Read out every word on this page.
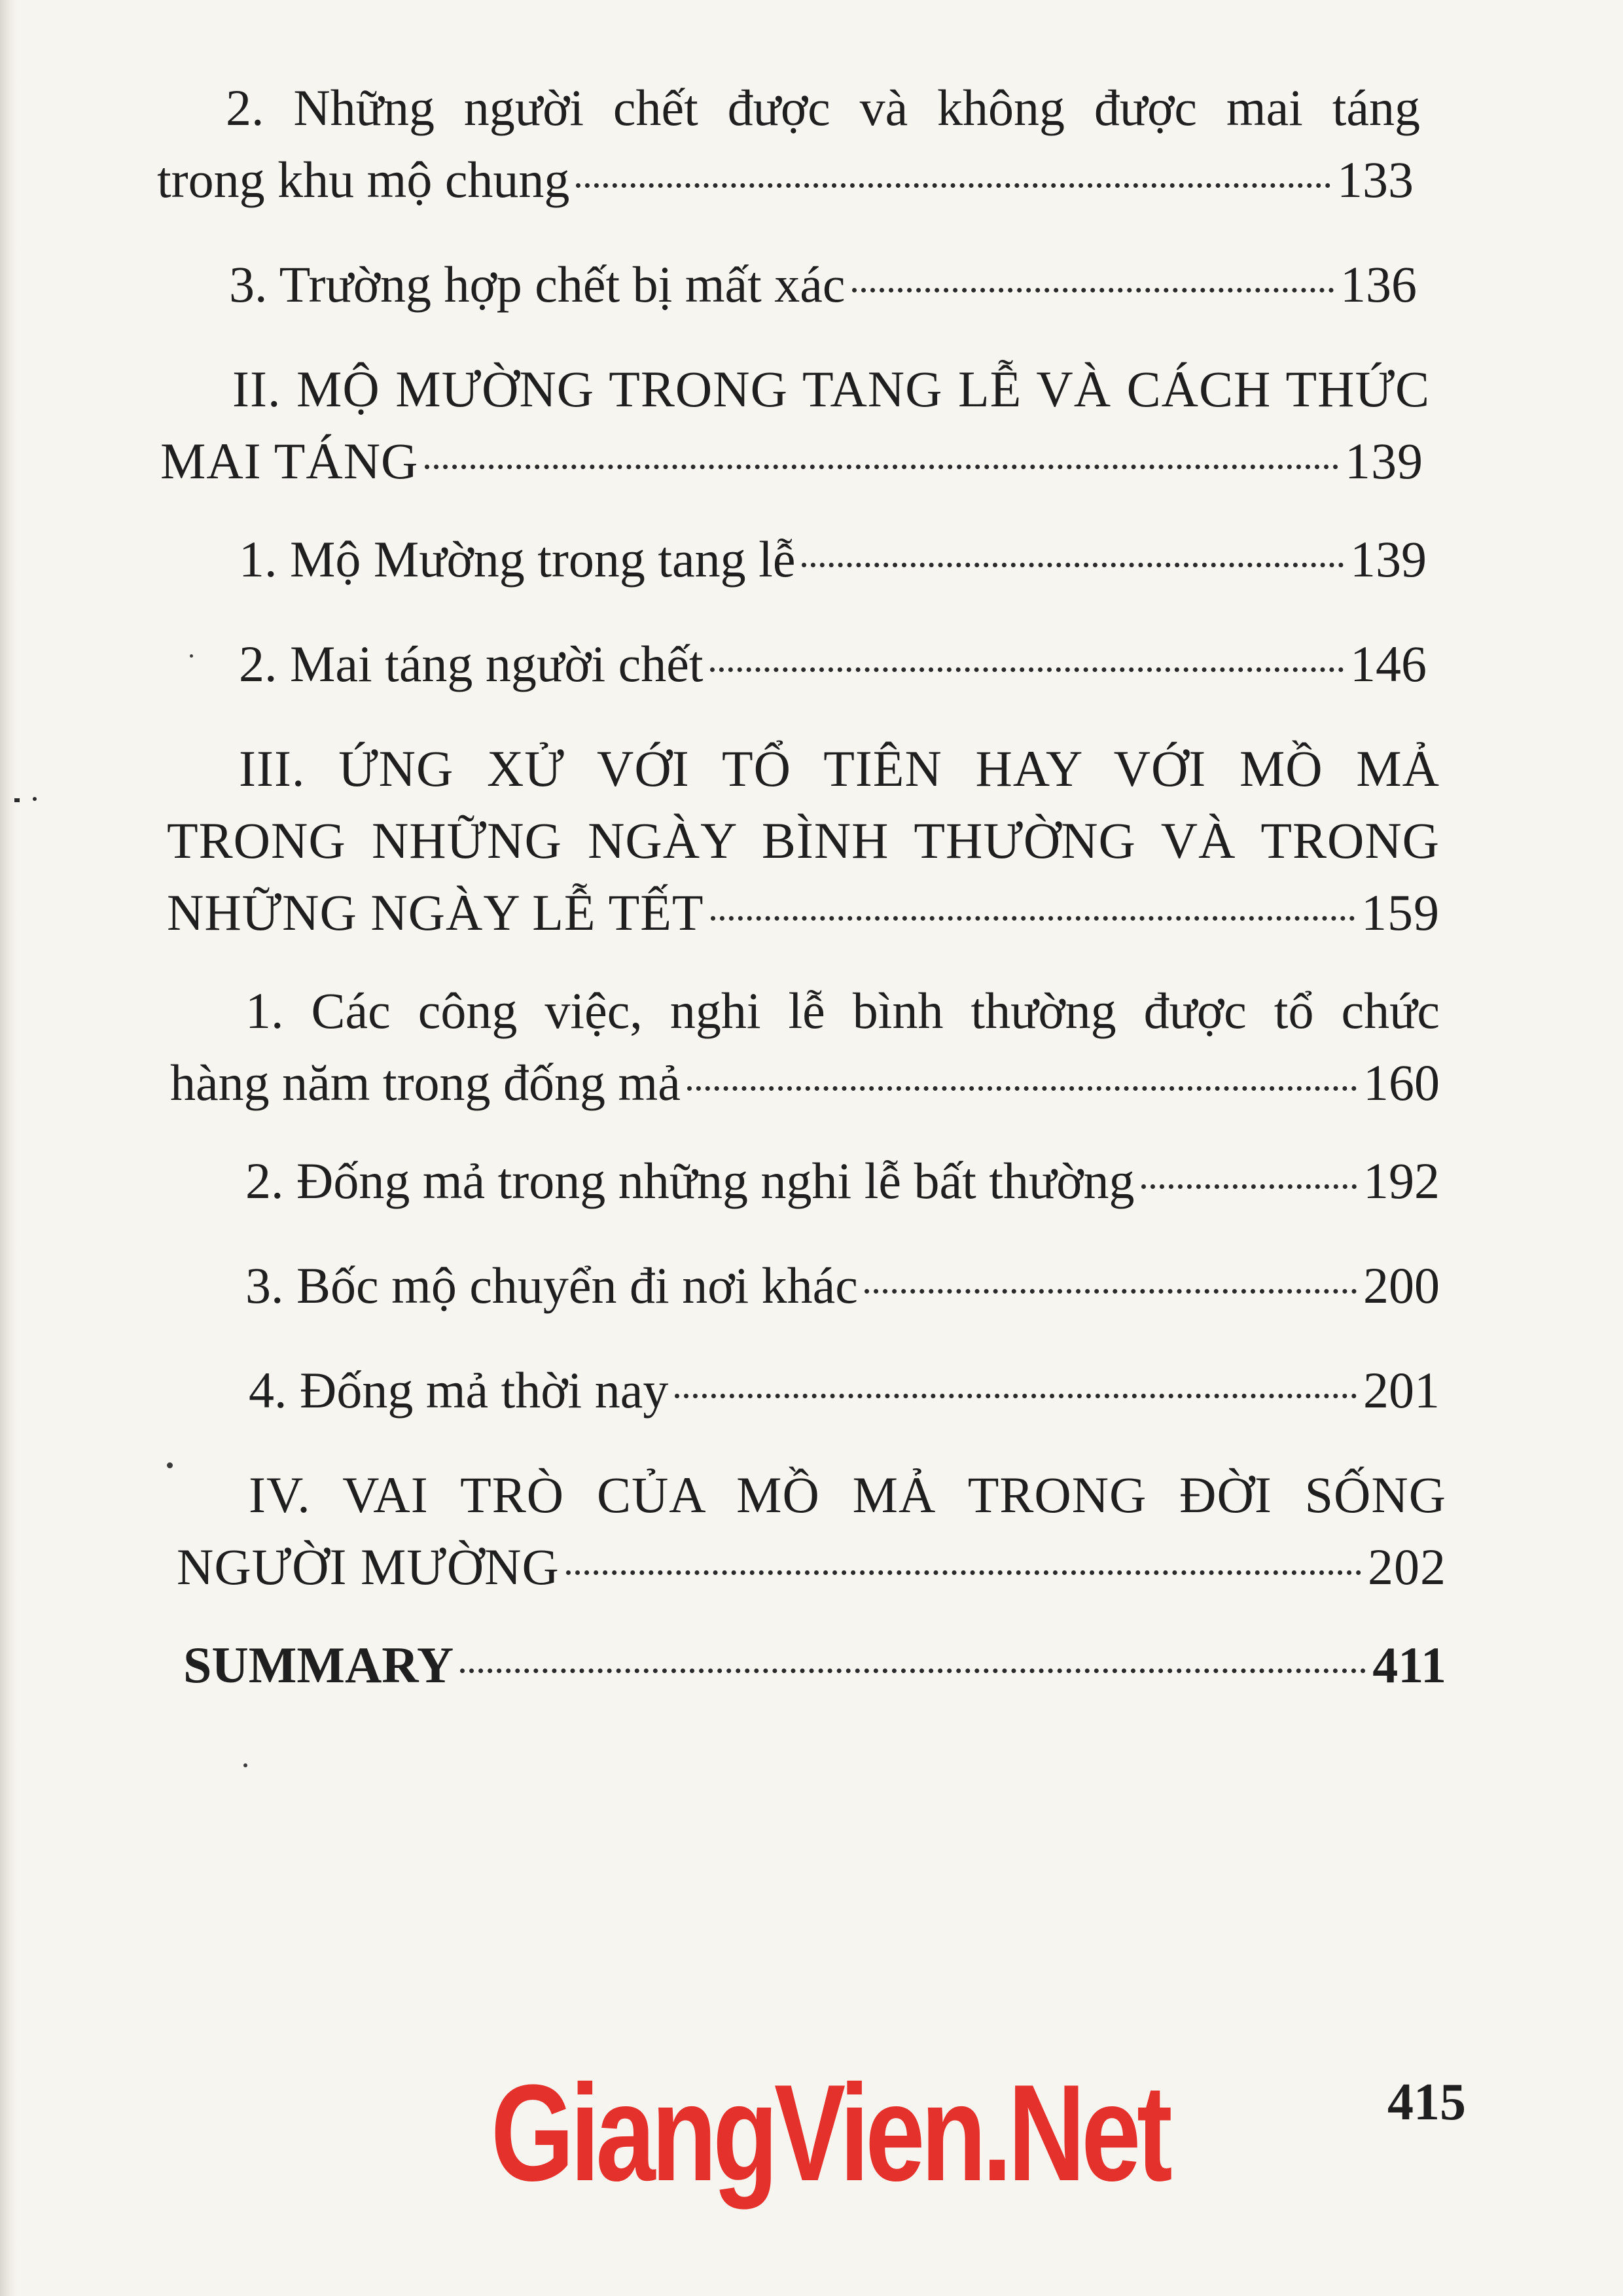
2. Những người chết được và không được mai táng
trong khu mộ chung	133
3. Trường hợp chết bị mất xác	136
II. MỘ MƯỜNG TRONG TANG LỄ VÀ CÁCH THỨC
MAI TÁNG	139
1. Mộ Mường trong tang lễ	139
2. Mai táng người chết	146
III. ỨNG XỬ VỚI TỔ TIÊN HAY VỚI MỒ MẢ
TRONG NHỮNG NGÀY BÌNH THƯỜNG VÀ TRONG
NHỮNG NGÀY LỄ TẾT	159
1. Các công việc, nghi lễ bình thường được tổ chức
hàng năm trong đống mả	160
2. Đống mả trong những nghi lễ bất thường	192
3. Bốc mộ chuyển đi nơi khác	200
4. Đống mả thời nay	201
IV. VAI TRÒ CỦA MỒ MẢ TRONG ĐỜI SỐNG
NGƯỜI MƯỜNG	202
SUMMARY	411
GiangVien.Net	415
